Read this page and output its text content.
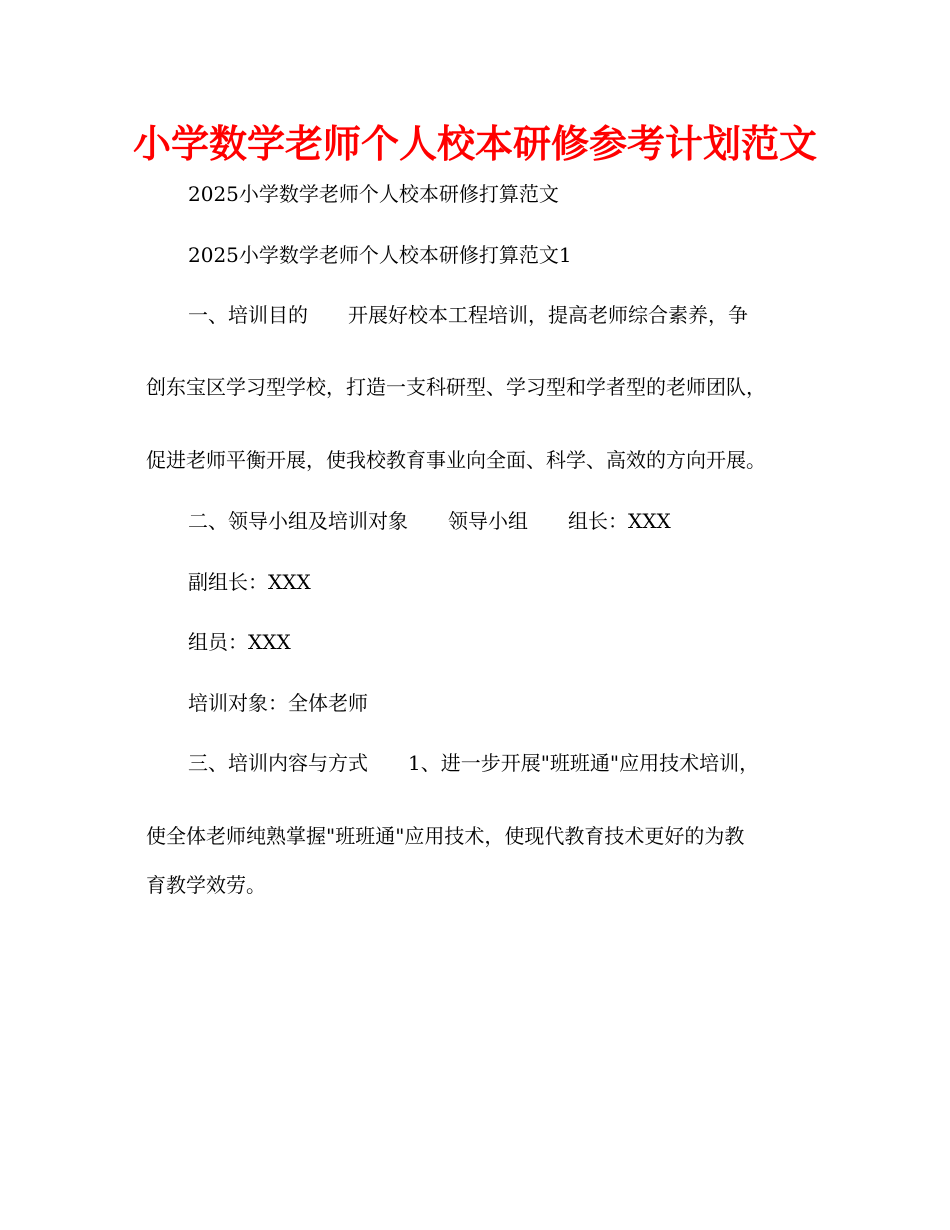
小学数学老师个人校本研修参考计划范文
2025小学数学老师个人校本研修打算范文
2025小学数学老师个人校本研修打算范文1
一、培训目的　　开展好校本工程培训，提高老师综合素养，争
创东宝区学习型学校，打造一支科研型、学习型和学者型的老师团队，
促进老师平衡开展，使我校教育事业向全面、科学、高效的方向开展。
二、领导小组及培训对象　　领导小组　　组长：XXX
副组长：XXX
组员：XXX
培训对象：全体老师
三、培训内容与方式　　1、进一步开展"班班通"应用技术培训，
使全体老师纯熟掌握"班班通"应用技术，使现代教育技术更好的为教
育教学效劳。
